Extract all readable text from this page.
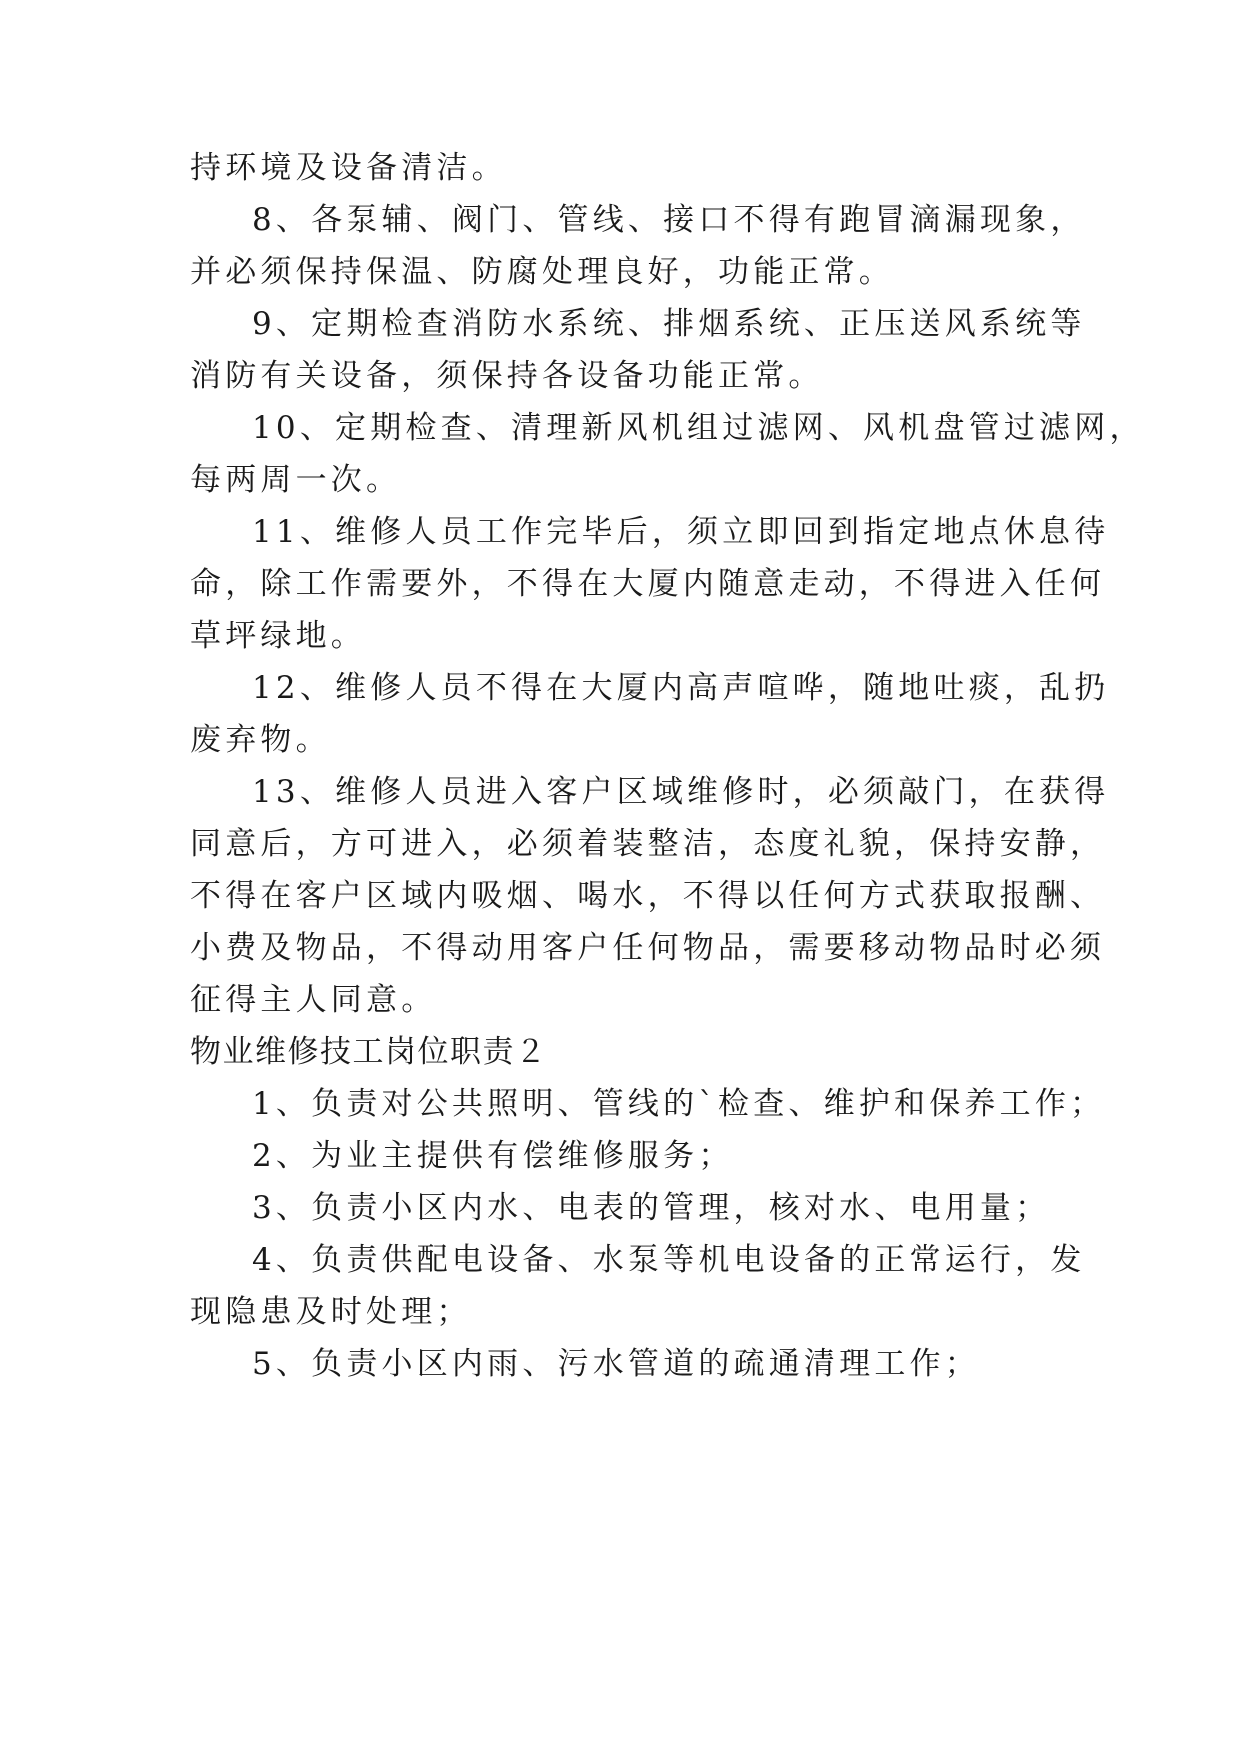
持环境及设备清洁。
8、各泵辅、阀门、管线、接口不得有跑冒滴漏现象，
并必须保持保温、防腐处理良好，功能正常。
9、定期检查消防水系统、排烟系统、正压送风系统等
消防有关设备，须保持各设备功能正常。
10、定期检查、清理新风机组过滤网、风机盘管过滤网，
每两周一次。
11、维修人员工作完毕后，须立即回到指定地点休息待
命，除工作需要外，不得在大厦内随意走动，不得进入任何
草坪绿地。
12、维修人员不得在大厦内高声喧哗，随地吐痰，乱扔
废弃物。
13、维修人员进入客户区域维修时，必须敲门，在获得
同意后，方可进入，必须着装整洁，态度礼貌，保持安静，
不得在客户区域内吸烟、喝水，不得以任何方式获取报酬、
小费及物品，不得动用客户任何物品，需要移动物品时必须
征得主人同意。
物业维修技工岗位职责２
1、负责对公共照明、管线的`检查、维护和保养工作；
2、为业主提供有偿维修服务；
3、负责小区内水、电表的管理，核对水、电用量；
4、负责供配电设备、水泵等机电设备的正常运行，发
现隐患及时处理；
5、负责小区内雨、污水管道的疏通清理工作；
